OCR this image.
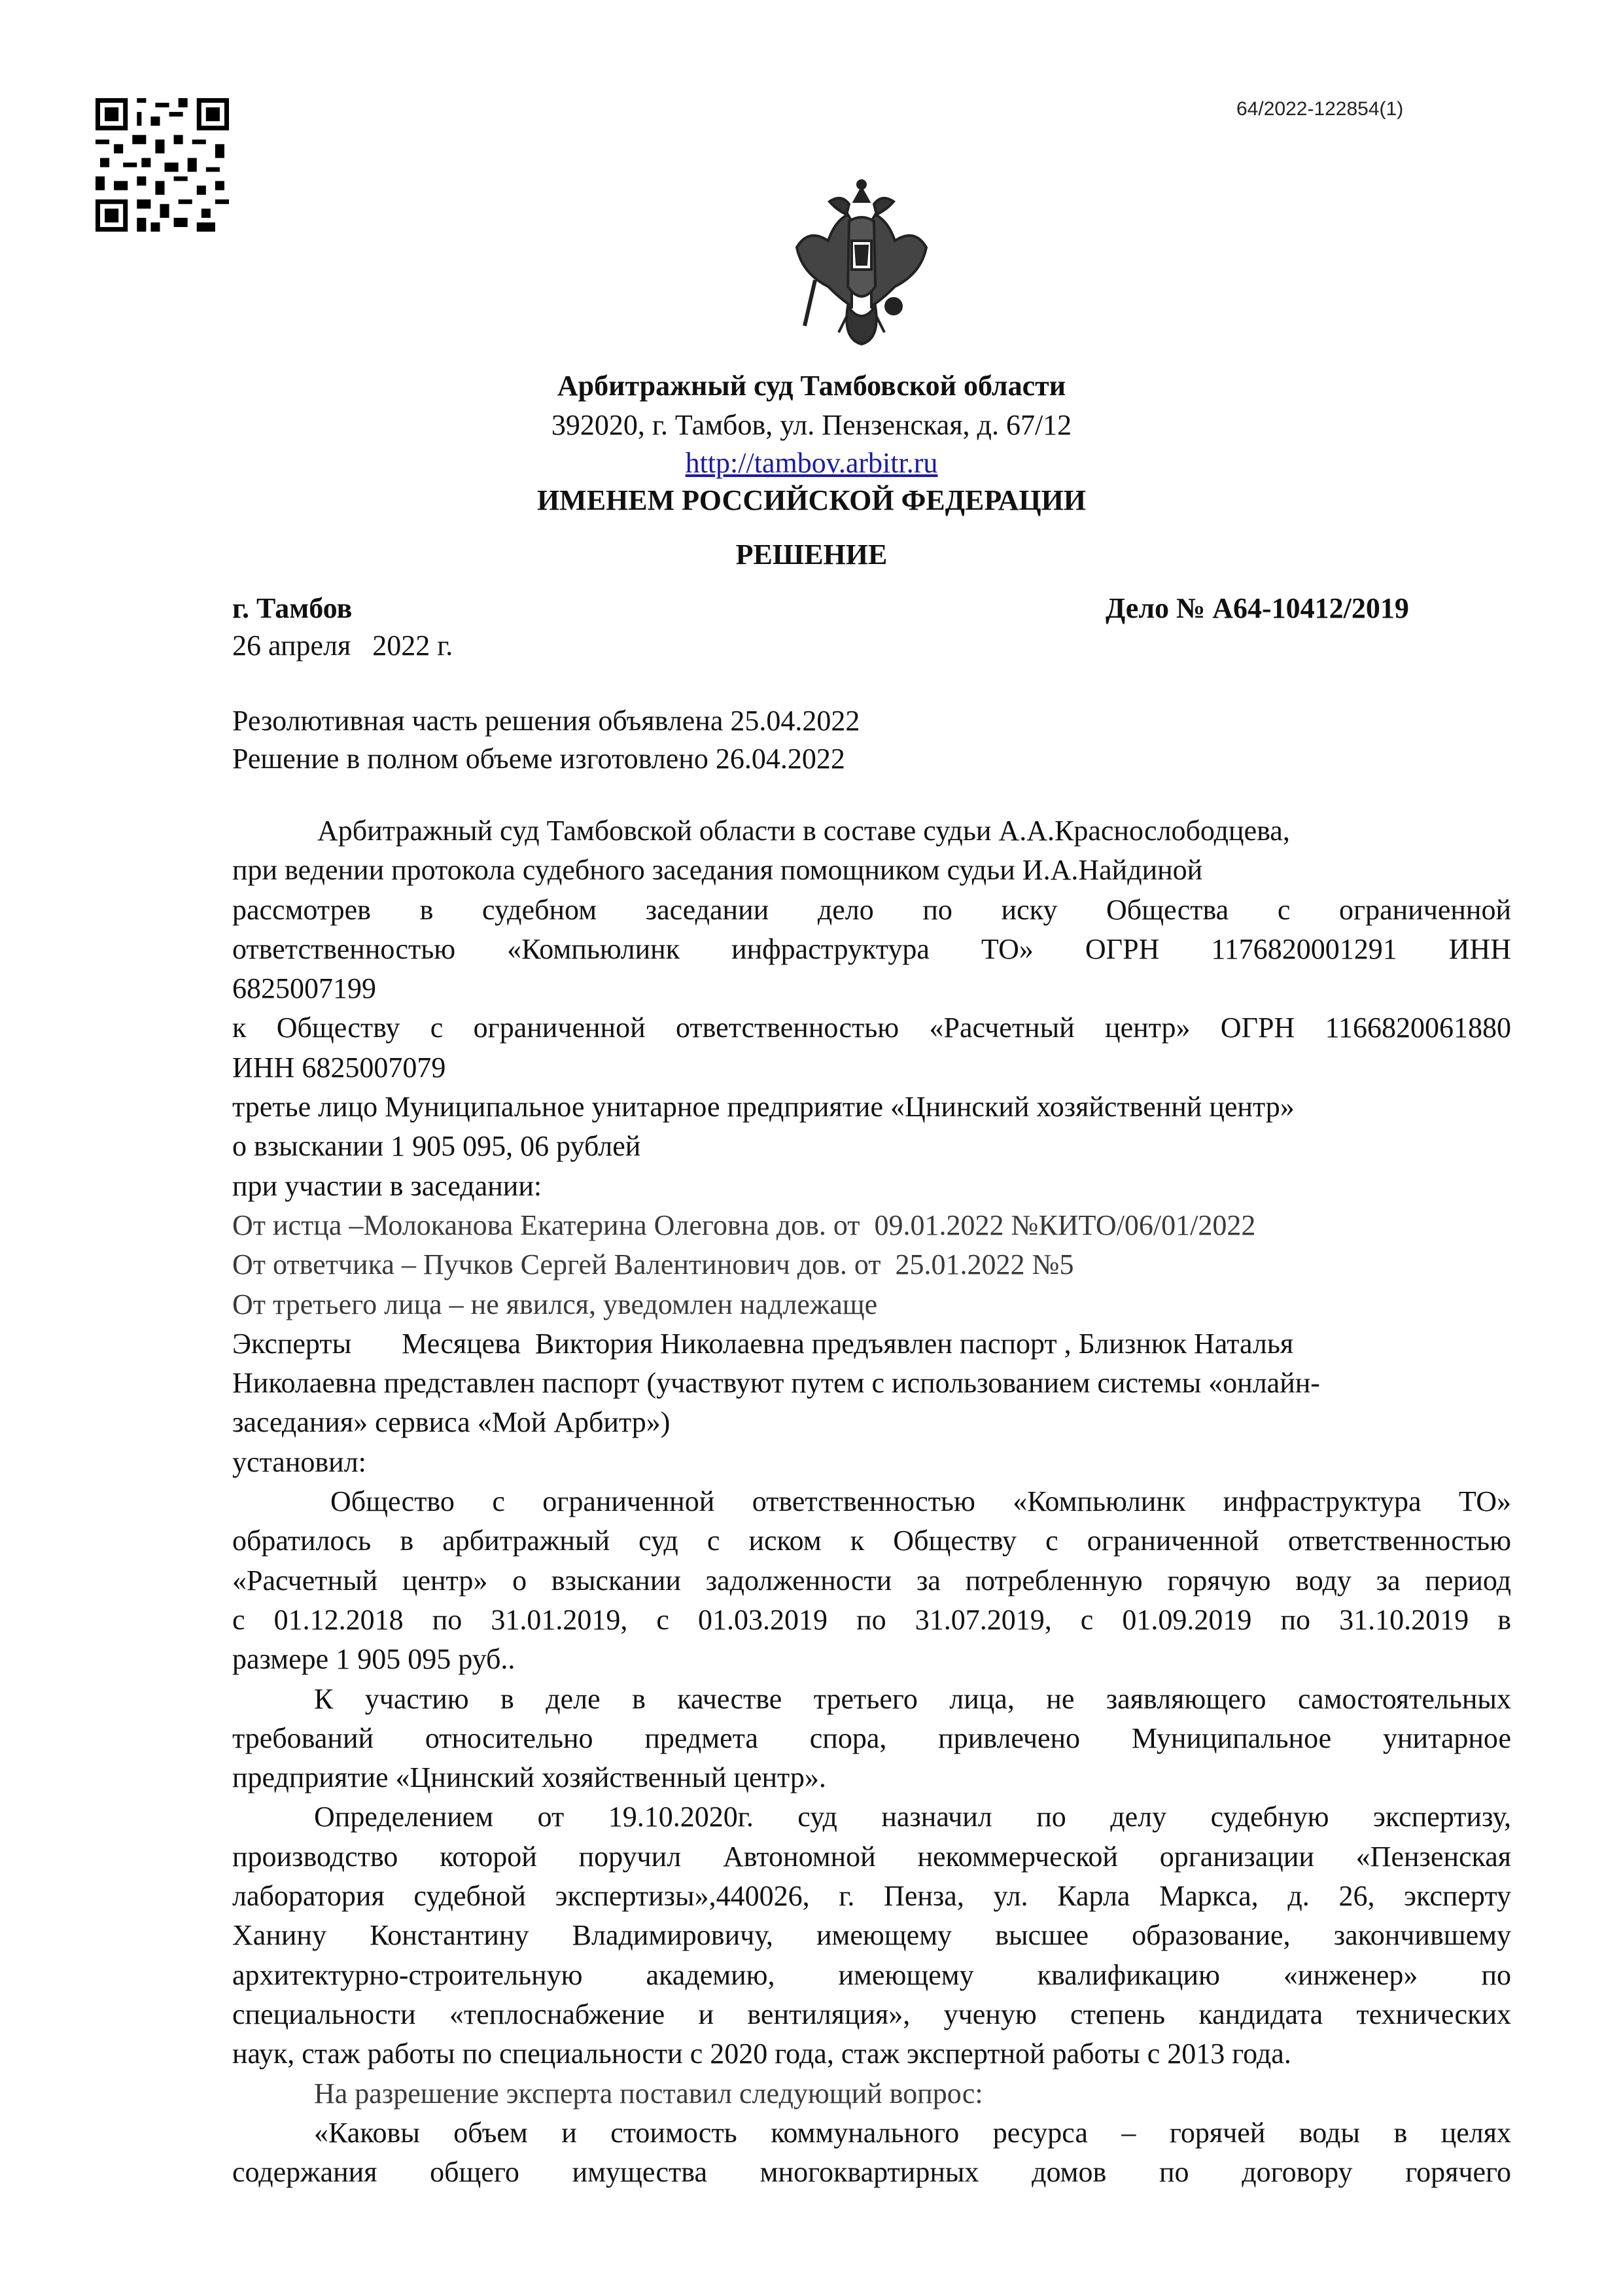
64/2022-122854(1)
Арбитражный суд Тамбовской области
392020, г. Тамбов, ул. Пензенская, д. 67/12
http://tambov.arbitr.ru
ИМЕНЕМ РОССИЙСКОЙ ФЕДЕРАЦИИ
РЕШЕНИЕ
г. Тамбов	Дело № А64-10412/2019
26 апреля   2022 г.
Резолютивная часть решения объявлена 25.04.2022
Решение в полном объеме изготовлено 26.04.2022
Арбитражный суд Тамбовской области в составе судьи А.А.Краснослободцева,
при ведении протокола судебного заседания помощником судьи И.А.Найдиной
рассмотрев в судебном заседании дело по иску Общества с ограниченной
ответственностью «Компьюлинк инфраструктура ТО» ОГРН 1176820001291 ИНН
6825007199
к Обществу с ограниченной ответственностью «Расчетный центр» ОГРН 1166820061880
ИНН 6825007079
третье лицо Муниципальное унитарное предприятие «Цнинский хозяйственнй центр»
о взыскании 1 905 095, 06 рублей
при участии в заседании:
От истца –Молоканова Екатерина Олеговна дов. от  09.01.2022 №КИТО/06/01/2022
От ответчика – Пучков Сергей Валентинович дов. от  25.01.2022 №5
От третьего лица – не явился, уведомлен надлежаще
Эксперты       Месяцева  Виктория Николаевна предъявлен паспорт , Близнюк Наталья
Николаевна представлен паспорт (участвуют путем с использованием системы «онлайн-
заседания» сервиса «Мой Арбитр»)
установил:
Общество с ограниченной ответственностью «Компьюлинк инфраструктура ТО»
обратилось в арбитражный суд с иском к Обществу с ограниченной ответственностью
«Расчетный центр» о взыскании задолженности за потребленную горячую воду за период
с 01.12.2018 по 31.01.2019, с 01.03.2019 по 31.07.2019, с 01.09.2019 по 31.10.2019 в
размере 1 905 095 руб..
К участию в деле в качестве третьего лица, не заявляющего самостоятельных
требований относительно предмета спора, привлечено Муниципальное унитарное
предприятие «Цнинский хозяйственный центр».
Определением от 19.10.2020г. суд назначил по делу судебную экспертизу,
производство которой поручил Автономной некоммерческой организации «Пензенская
лаборатория судебной экспертизы»,440026, г. Пенза, ул. Карла Маркса, д. 26, эксперту
Ханину Константину Владимировичу, имеющему высшее образование, закончившему
архитектурно-строительную академию, имеющему квалификацию «инженер» по
специальности «теплоснабжение и вентиляция», ученую степень кандидата технических
наук, стаж работы по специальности с 2020 года, стаж экспертной работы с 2013 года.
На разрешение эксперта поставил следующий вопрос:
«Каковы объем и стоимость коммунального ресурса – горячей воды в целях
содержания общего имущества многоквартирных домов по договору горячего
